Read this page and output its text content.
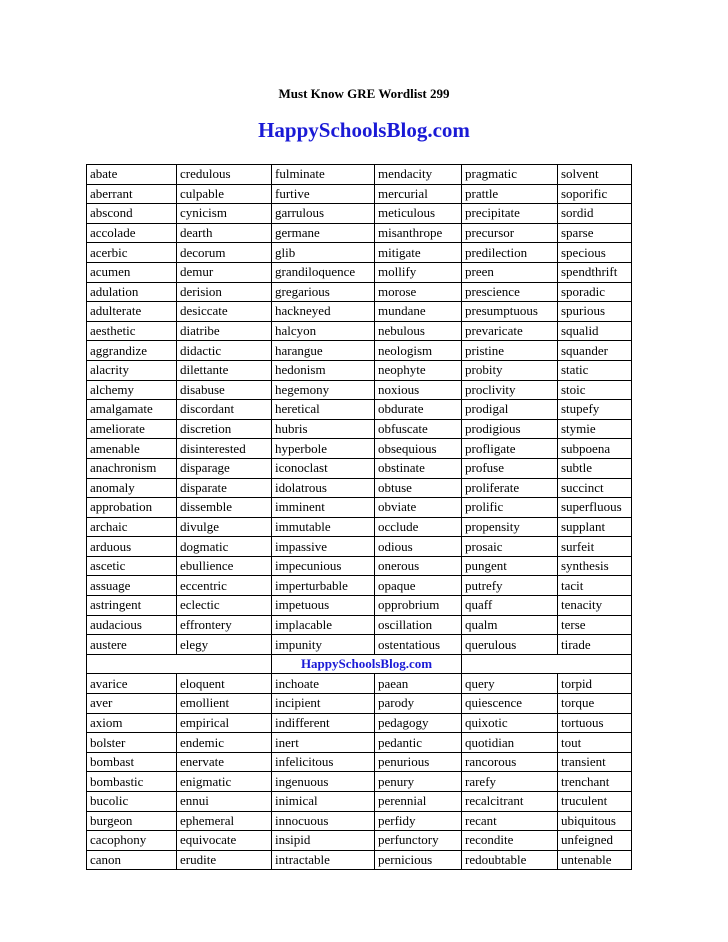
Must Know GRE Wordlist 299
HappySchoolsBlog.com
abate	credulous	fulminate	mendacity	pragmatic	solvent
aberrant	culpable	furtive	mercurial	prattle	soporific
abscond	cynicism	garrulous	meticulous	precipitate	sordid
accolade	dearth	germane	misanthrope	precursor	sparse
acerbic	decorum	glib	mitigate	predilection	specious
acumen	demur	grandiloquence	mollify	preen	spendthrift
adulation	derision	gregarious	morose	prescience	sporadic
adulterate	desiccate	hackneyed	mundane	presumptuous	spurious
aesthetic	diatribe	halcyon	nebulous	prevaricate	squalid
aggrandize	didactic	harangue	neologism	pristine	squander
alacrity	dilettante	hedonism	neophyte	probity	static
alchemy	disabuse	hegemony	noxious	proclivity	stoic
amalgamate	discordant	heretical	obdurate	prodigal	stupefy
ameliorate	discretion	hubris	obfuscate	prodigious	stymie
amenable	disinterested	hyperbole	obsequious	profligate	subpoena
anachronism	disparage	iconoclast	obstinate	profuse	subtle
anomaly	disparate	idolatrous	obtuse	proliferate	succinct
approbation	dissemble	imminent	obviate	prolific	superfluous
archaic	divulge	immutable	occlude	propensity	supplant
arduous	dogmatic	impassive	odious	prosaic	surfeit
ascetic	ebullience	impecunious	onerous	pungent	synthesis
assuage	eccentric	imperturbable	opaque	putrefy	tacit
astringent	eclectic	impetuous	opprobrium	quaff	tenacity
audacious	effrontery	implacable	oscillation	qualm	terse
austere	elegy	impunity	ostentatious	querulous	tirade
		HappySchoolsBlog.com			
avarice	eloquent	inchoate	paean	query	torpid
aver	emollient	incipient	parody	quiescence	torque
axiom	empirical	indifferent	pedagogy	quixotic	tortuous
bolster	endemic	inert	pedantic	quotidian	tout
bombast	enervate	infelicitous	penurious	rancorous	transient
bombastic	enigmatic	ingenuous	penury	rarefy	trenchant
bucolic	ennui	inimical	perennial	recalcitrant	truculent
burgeon	ephemeral	innocuous	perfidy	recant	ubiquitous
cacophony	equivocate	insipid	perfunctory	recondite	unfeigned
canon	erudite	intractable	pernicious	redoubtable	untenable
